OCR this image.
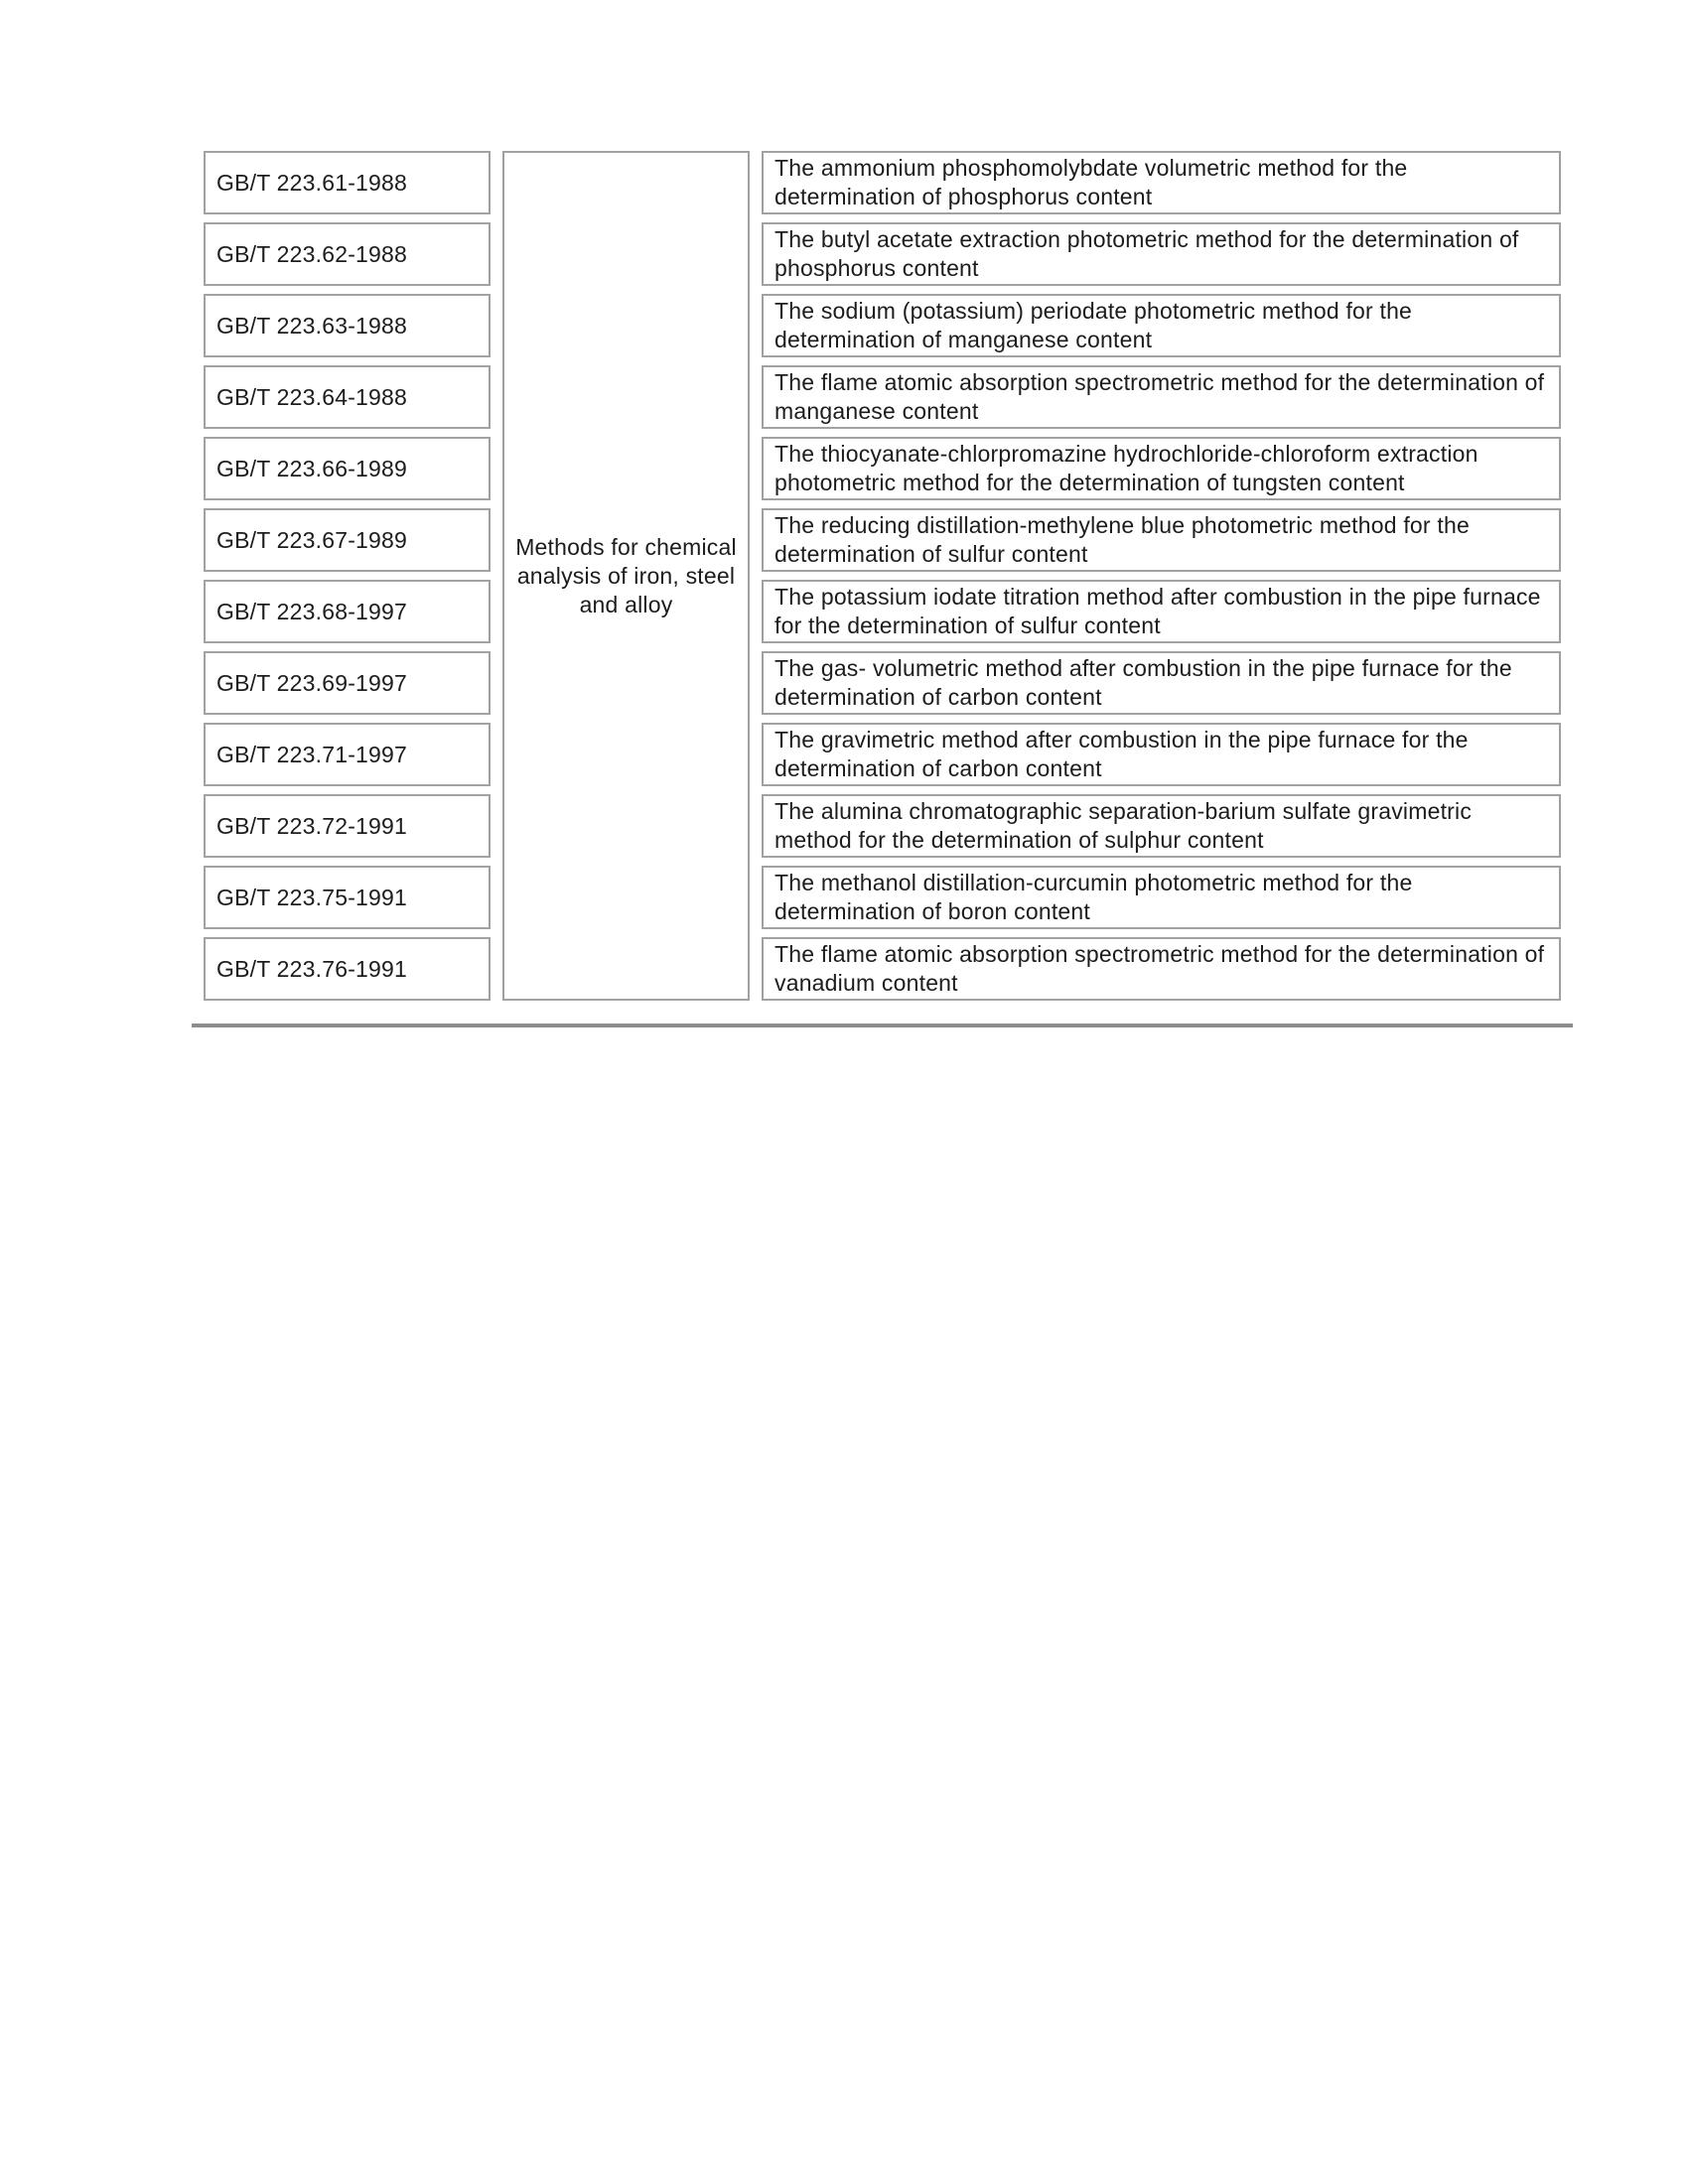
GB/T 223.61-1988	Methods for chemical analysis of iron, steel and alloy	The ammonium phosphomolybdate volumetric method for the determination of phosphorus content
GB/T 223.62-1988		The butyl acetate extraction photometric method for the determination of phosphorus content
GB/T 223.63-1988		The sodium (potassium) periodate photometric method for the determination of manganese content
GB/T 223.64-1988		The flame atomic absorption spectrometric method for the determination of manganese content
GB/T 223.66-1989		The thiocyanate-chlorpromazine hydrochloride-chloroform extraction photometric method for the determination of tungsten content
GB/T 223.67-1989		The reducing distillation-methylene blue photometric method for the determination of sulfur content
GB/T 223.68-1997		The potassium iodate titration method after combustion in the pipe furnace for the determination of sulfur content
GB/T 223.69-1997		The gas- volumetric method after combustion in the pipe furnace for the determination of carbon content
GB/T 223.71-1997		The gravimetric method after combustion in the pipe furnace for the determination of carbon content
GB/T 223.72-1991		The alumina chromatographic separation-barium sulfate gravimetric method for the determination of sulphur content
GB/T 223.75-1991		The methanol distillation-curcumin photometric method for the determination of boron content
GB/T 223.76-1991		The flame atomic absorption spectrometric method for the determination of vanadium content
